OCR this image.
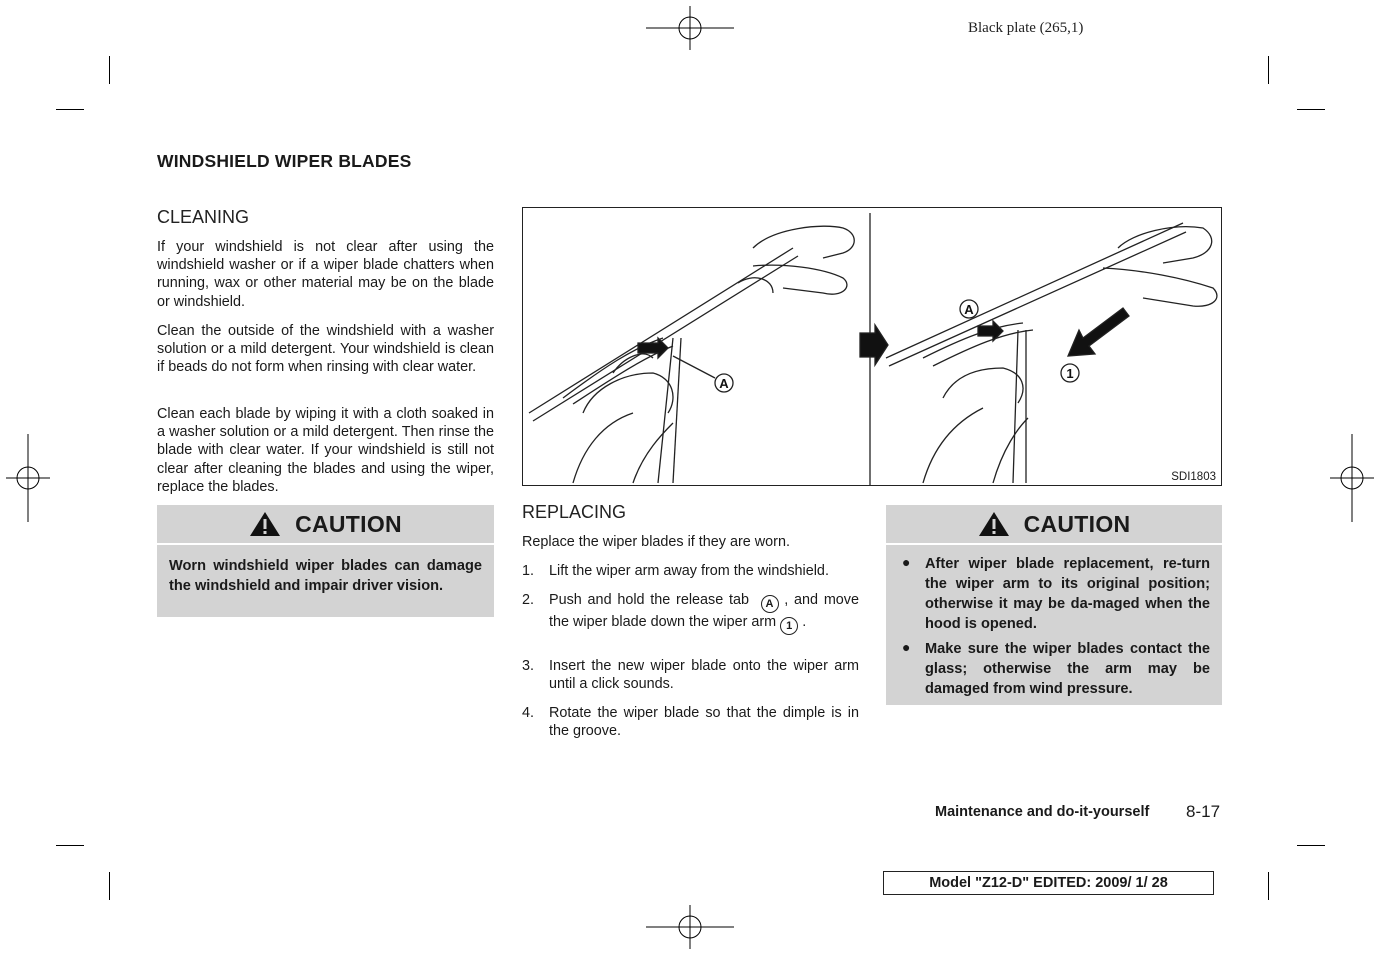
Black plate (265,1)
WINDSHIELD WIPER BLADES
CLEANING
If your windshield is not clear after using the windshield washer or if a wiper blade chatters when running, wax or other material may be on the blade or windshield.
Clean the outside of the windshield with a washer solution or a mild detergent. Your windshield is clean if beads do not form when rinsing with clear water.
Clean each blade by wiping it with a cloth soaked in a washer solution or a mild detergent. Then rinse the blade with clear water. If your windshield is still not clear after cleaning the blades and using the wiper, replace the blades.
CAUTION
Worn windshield wiper blades can damage the windshield and impair driver vision.
A
A
1
SDI1803
REPLACING
Replace the wiper blades if they are worn.
1. Lift the wiper arm away from the windshield.
2. Push and hold the release tab A , and move the wiper blade down the wiper arm 1 .
3. Insert the new wiper blade onto the wiper arm until a click sounds.
4. Rotate the wiper blade so that the dimple is in the groove.
CAUTION
● After wiper blade replacement, re-turn the wiper arm to its original position; otherwise it may be da-maged when the hood is opened.
● Make sure the wiper blades contact the glass; otherwise the arm may be damaged from wind pressure.
Maintenance and do-it-yourself 8-17
Model "Z12-D" EDITED: 2009/ 1/ 28
